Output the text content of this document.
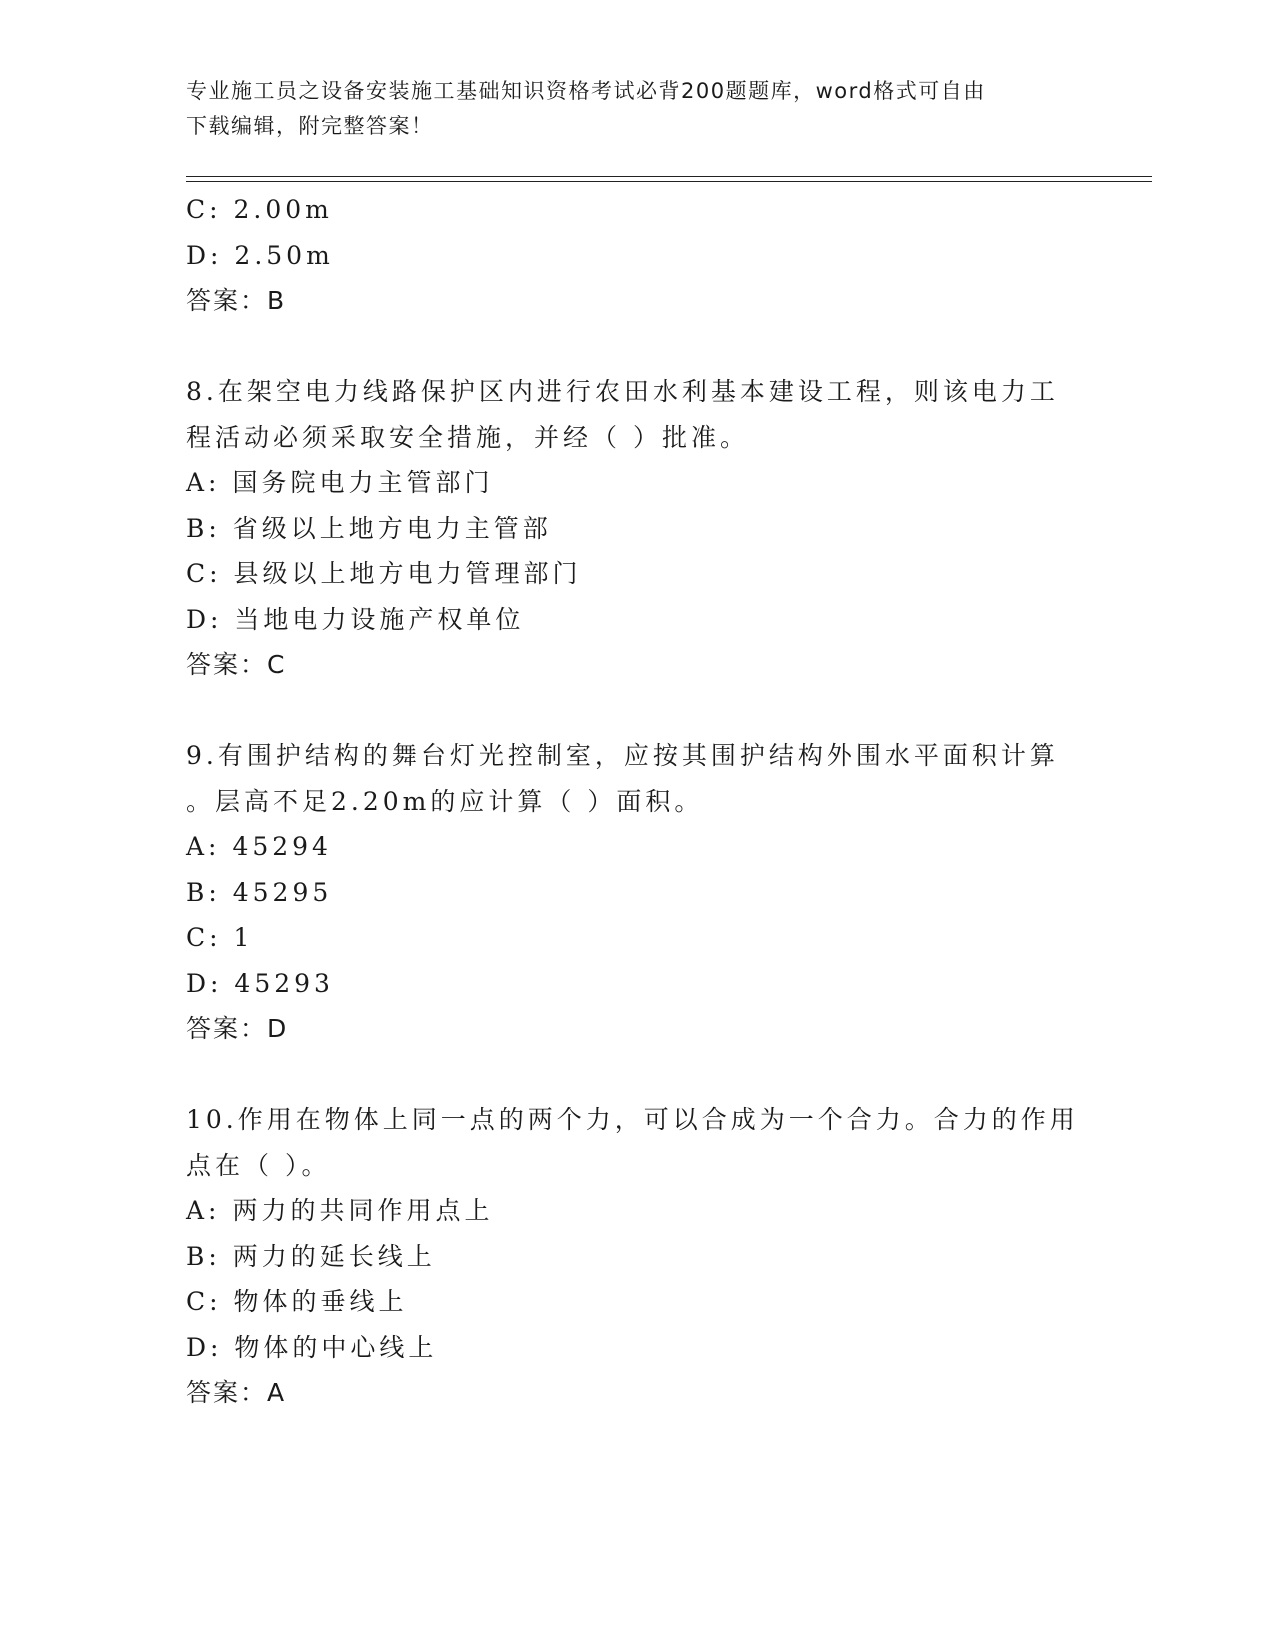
专业施工员之设备安装施工基础知识资格考试必背200题题库，word格式可自由
下载编辑，附完整答案！
C: 2.00m
D: 2.50m
答案：B
8.在架空电力线路保护区内进行农田水利基本建设工程，则该电力工
程活动必须采取安全措施，并经（ ）批准。
A: 国务院电力主管部门
B: 省级以上地方电力主管部
C: 县级以上地方电力管理部门
D: 当地电力设施产权单位
答案：C
9.有围护结构的舞台灯光控制室，应按其围护结构外围水平面积计算
。层高不足2.20m的应计算（ ）面积。
A: 45294
B: 45295
C: 1
D: 45293
答案：D
10.作用在物体上同一点的两个力，可以合成为一个合力。合力的作用
点在（ ）。
A: 两力的共同作用点上
B: 两力的延长线上
C: 物体的垂线上
D: 物体的中心线上
答案：A
